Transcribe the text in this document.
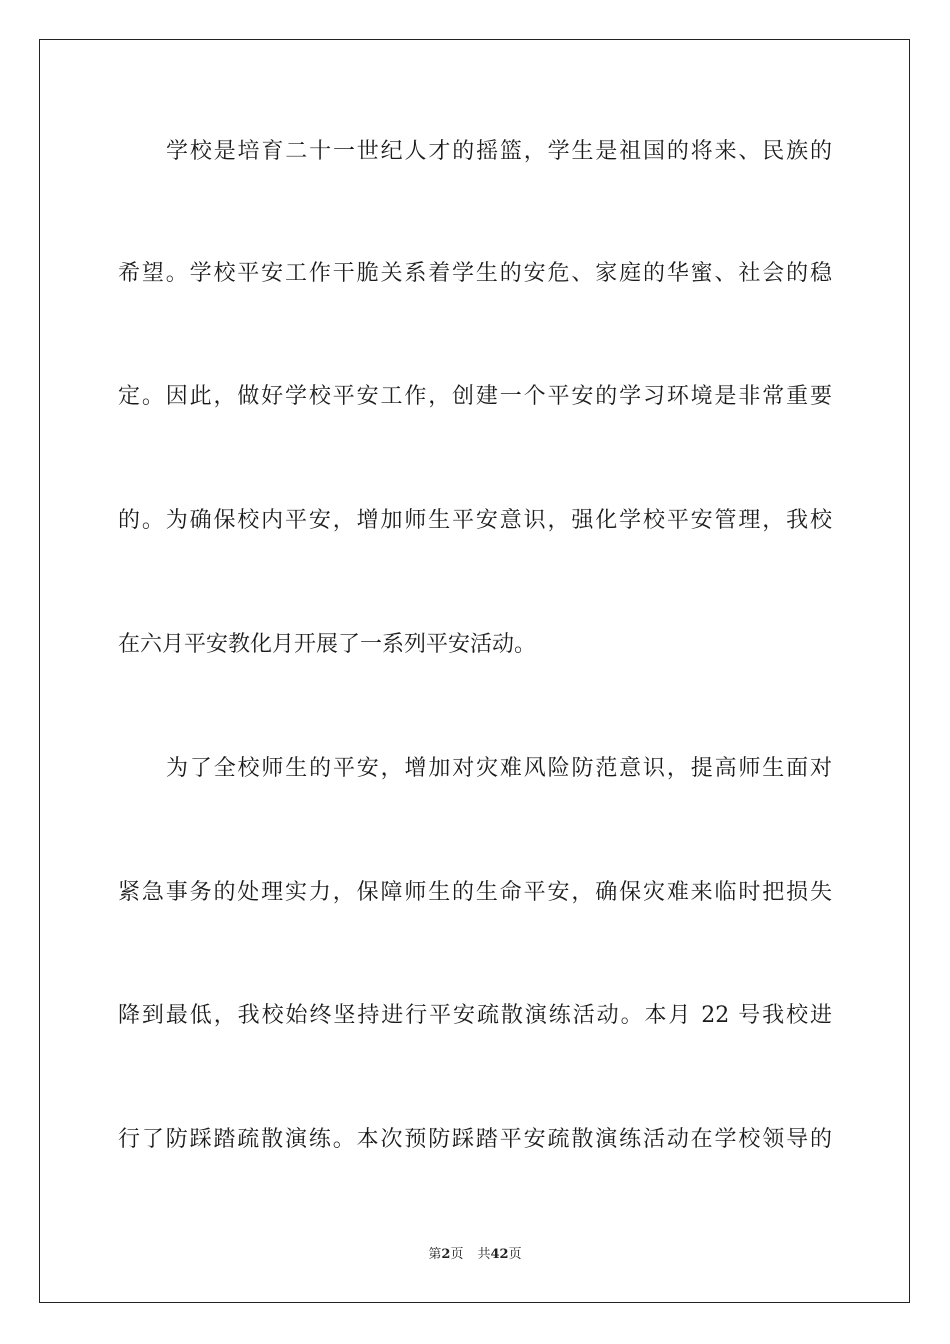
学校是培育二十一世纪人才的摇篮，学生是祖国的将来、民族的
希望。学校平安工作干脆关系着学生的安危、家庭的华蜜、社会的稳
定。因此，做好学校平安工作，创建一个平安的学习环境是非常重要
的。为确保校内平安，增加师生平安意识，强化学校平安管理，我校
在六月平安教化月开展了一系列平安活动。
为了全校师生的平安，增加对灾难风险防范意识，提高师生面对
紧急事务的处理实力，保障师生的生命平安，确保灾难来临时把损失
降到最低，我校始终坚持进行平安疏散演练活动。本月 22 号我校进
行了防踩踏疏散演练。本次预防踩踏平安疏散演练活动在学校领导的
第2页 共42页
